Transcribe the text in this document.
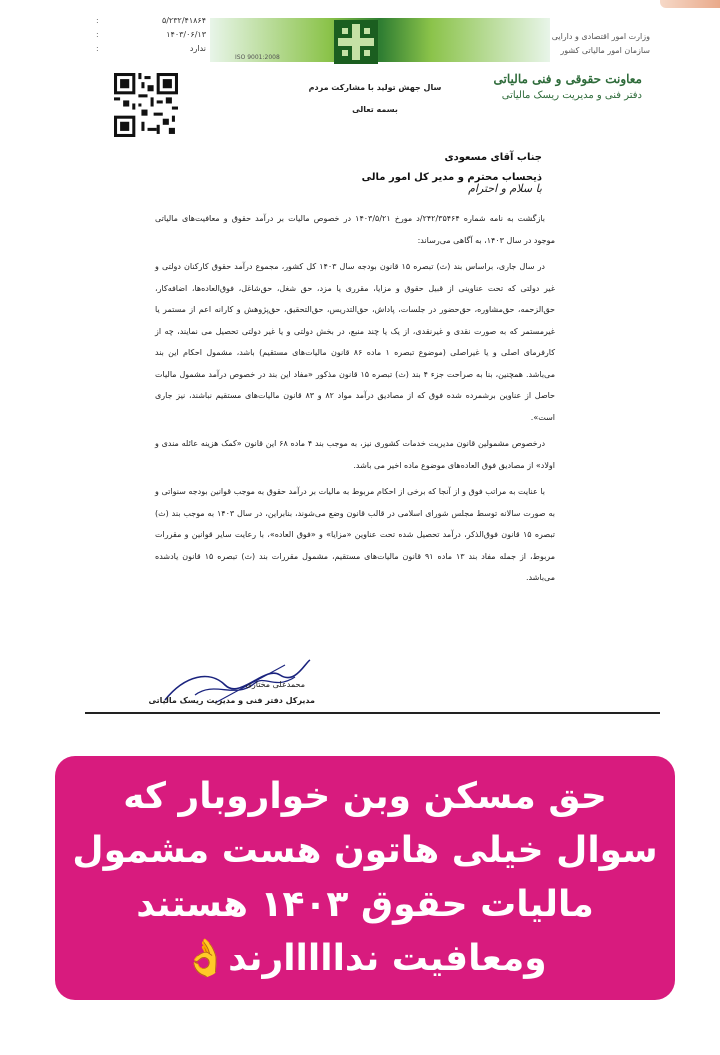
۵/۲۳۲/۴۱۸۶۴
:
۱۴۰۳/۰۶/۱۳
:
ندارد
:
ISO 9001:2008
وزارت امور اقتصادی و دارایی
سازمان امور مالیاتی کشور
معاونت حقوقی و فنی مالیاتی
دفتر فنی و مدیریت ریسک مالیاتی
سال جهش تولید با مشارکت مردم
بسمه تعالی
جناب آقای مسعودی
ذیحساب محترم و مدیر کل امور مالی
با سلام و احترام

بازگشت به نامه شماره ۲۴۲/۳۵۴۶۴/د مورخ ۱۴۰۳/۵/۲۱ در خصوص مالیات بر درآمد حقوق و معافیت‌های مالیاتی موجود در سال ۱۴۰۳، به آگاهی می‌رساند:

در سال جاری، براساس بند (ث) تبصره ۱۵ قانون بودجه سال ۱۴۰۳ کل کشور، مجموع درآمد حقوق کارکنان دولتی و غیر دولتی که تحت عناوینی از قبیل حقوق و مزایا، مقرری یا مزد، حق شغل، حق‌شاغل، فوق‌العاده‌ها، اضافه‌کار، حق‌الزحمه، حق‌مشاوره، حق‌حضور در جلسات، پاداش، حق‌التدریس، حق‌التحقیق، حق‌پژوهش و کارانه اعم از مستمر یا غیرمستمر که به صورت نقدی و غیرنقدی، از یک یا چند منبع، در بخش دولتی و یا غیر دولتی تحصیل می نمایند، چه از کارفرمای اصلی و یا غیراصلی (موضوع تبصره ۱ ماده ۸۶ قانون مالیات‌های مستقیم) باشد، مشمول احکام این بند می‌باشد. همچنین، بنا به صراحت جزء ۴ بند (ث) تبصره ۱۵ قانون مذکور «مفاد این بند در خصوص درآمد مشمول مالیات حاصل از عناوین برشمرده شده فوق که از مصادیق درآمد مواد ۸۲ و ۸۳ قانون مالیات‌های مستقیم نباشند، نیز جاری است».

درخصوص مشمولین قانون مدیریت خدمات کشوری نیز، به موجب بند ۴ ماده ۶۸ این قانون «کمک هزینه عائله مندی و اولاد» از مصادیق فوق العاده‌های موضوع ماده اخیر می باشد.

با عنایت به مراتب فوق و از آنجا که برخی از احکام مربوط به مالیات بر درآمد حقوق به موجب قوانین بودجه سنواتی و به صورت سالانه توسط مجلس شورای اسلامی در قالب قانون وضع می‌شوند، بنابراین، در سال ۱۴۰۳ به موجب بند (ث) تبصره ۱۵ قانون فوق‌الذکر، درآمد تحصیل شده تحت عناوین «مزایا» و «فوق العاده»، با رعایت سایر قوانین و مقررات مربوط، از جمله مفاد بند ۱۳ ماده ۹۱ قانون مالیات‌های مستقیم، مشمول مقررات بند (ث) تبصره ۱۵ قانون یادشده می‌باشد.

محمدعلی مختاری
مدیرکل دفتر فنی و مدیریت ریسک مالیاتی
حق مسکن وبن خواروبار که سوال خیلی هاتون هست مشمول مالیات حقوق ۱۴۰۳ هستند ومعافیت ندااااارند👌
